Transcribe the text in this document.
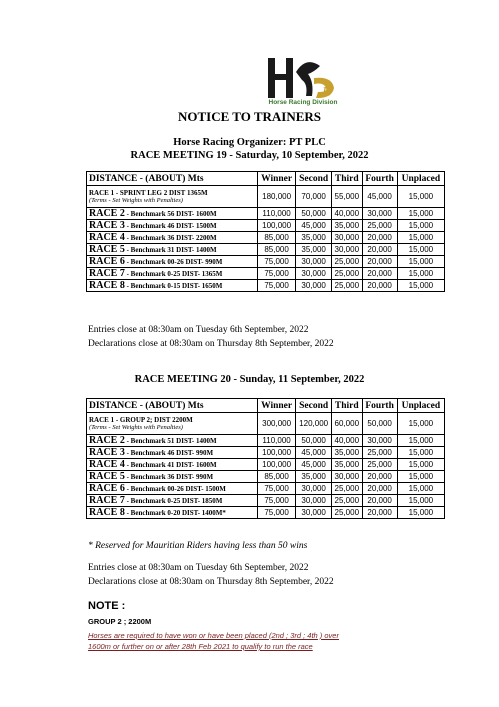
D
Horse Racing Division
NOTICE TO TRAINERS
Horse Racing Organizer: PT PLC
RACE MEETING 19 - Saturday, 10 September, 2022
DISTANCE - (ABOUT) Mts	Winner	Second	Third	Fourth	Unplaced

RACE 1 - SPRINT LEG 2 DIST 1365M
(Terms - Set Weights with Penalties)	180,000	70,000	55,000	45,000	15,000
RACE 2 - Benchmark 56 DIST- 1600M	110,000	50,000	40,000	30,000	15,000
RACE 3 - Benchmark 46 DIST- 1500M	100,000	45,000	35,000	25,000	15,000
RACE 4 - Benchmark 36 DIST- 2200M	85,000	35,000	30,000	20,000	15,000
RACE 5 - Benchmark 31 DIST- 1400M	85,000	35,000	30,000	20,000	15,000
RACE 6 - Benchmark 00-26 DIST- 990M	75,000	30,000	25,000	20,000	15,000
RACE 7 - Benchmark 0-25 DIST- 1365M	75,000	30,000	25,000	20,000	15,000
RACE 8 - Benchmark 0-15 DIST- 1650M	75,000	30,000	25,000	20,000	15,000
Entries close at 08:30am on Tuesday 6th September, 2022
Declarations close at 08:30am on Thursday 8th September, 2022
RACE MEETING 20 - Sunday, 11 September, 2022
DISTANCE - (ABOUT) Mts	Winner	Second	Third	Fourth	Unplaced

RACE 1 - GROUP 2; DIST 2200M
(Terms - Set Weights with Penalties)	300,000	120,000	60,000	50,000	15,000
RACE 2 - Benchmark 51 DIST- 1400M	110,000	50,000	40,000	30,000	15,000
RACE 3 - Benchmark 46 DIST- 990M	100,000	45,000	35,000	25,000	15,000
RACE 4 - Benchmark 41 DIST- 1600M	100,000	45,000	35,000	25,000	15,000
RACE 5 - Benchmark 36 DIST- 990M	85,000	35,000	30,000	20,000	15,000
RACE 6 - Benchmark 00-26 DIST- 1500M	75,000	30,000	25,000	20,000	15,000
RACE 7 - Benchmark 0-25 DIST- 1850M	75,000	30,000	25,000	20,000	15,000
RACE 8 - Benchmark 0-20 DIST- 1400M*	75,000	30,000	25,000	20,000	15,000
* Reserved for Mauritian Riders having less than 50 wins
Entries close at 08:30am on Tuesday 6th September, 2022
Declarations close at 08:30am on Thursday 8th September, 2022
NOTE :
GROUP 2 ; 2200M
Horses are required to have won or have been placed (2nd ; 3rd ; 4th ) over
1600m or further on or after 28th Feb 2021 to qualify to run the race
